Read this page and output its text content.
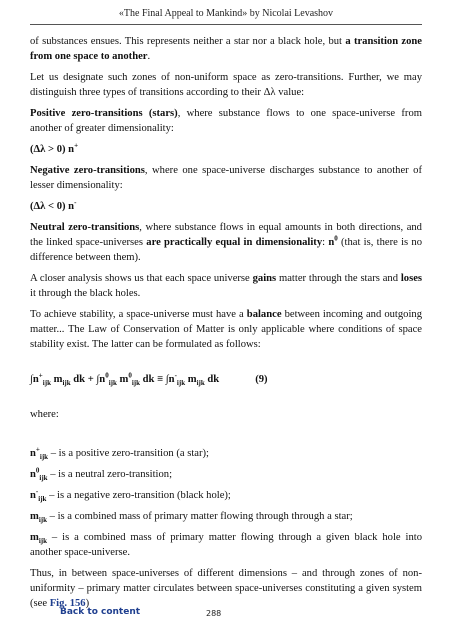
«The Final Appeal to Mankind» by Nicolai Levashov

of substances ensues. This represents neither a star nor a black hole, but a transition zone from one space to another.

Let us designate such zones of non-uniform space as zero-transitions. Further, we may distinguish three types of transitions according to their Δλ value:

Positive zero-transitions (stars), where substance flows to one space-universe from another of greater dimensionality:

(Δλ > 0) n+

Negative zero-transitions, where one space-universe discharges substance to another of lesser dimensionality:

(Δλ < 0) n-

Neutral zero-transitions, where substance flows in equal amounts in both directions, and the linked space-universes are practically equal in dimensionality: $n^0$ (that is, there is no difference between them).

A closer analysis shows us that each space universe gains matter through the stars and loses it through the black holes.

To achieve stability, a space-universe must have a balance between incoming and outgoing matter... The Law of Conservation of Matter is only applicable where conditions of space stability exist. The latter can be formulated as follows:

$\int n^+_{ijk}$ $m_{ijk}$ dk + $\int n^0_{ijk}$ $m^0_{ijk}$ dk ≡ $\int n^-_{ijk}$ $m_{ijk}$ dk	(9)

where:

$n^+_{ijk}$ – is a positive zero-transition (a star);

$n^0_{ijk}$ – is a neutral zero-transition;

$n^-_{ijk}$ – is a negative zero-transition (black hole);

$m_{ijk}$ – is a combined mass of primary matter flowing through through a star;

$m_{ijk}$ – is a combined mass of primary matter flowing through a given black hole into another space-universe.

Thus, in between space-universes of different dimensions – and through zones of non-uniformity – primary matter circulates between space-universes constituting a given system (see Fig. 156)

Back to content	288
